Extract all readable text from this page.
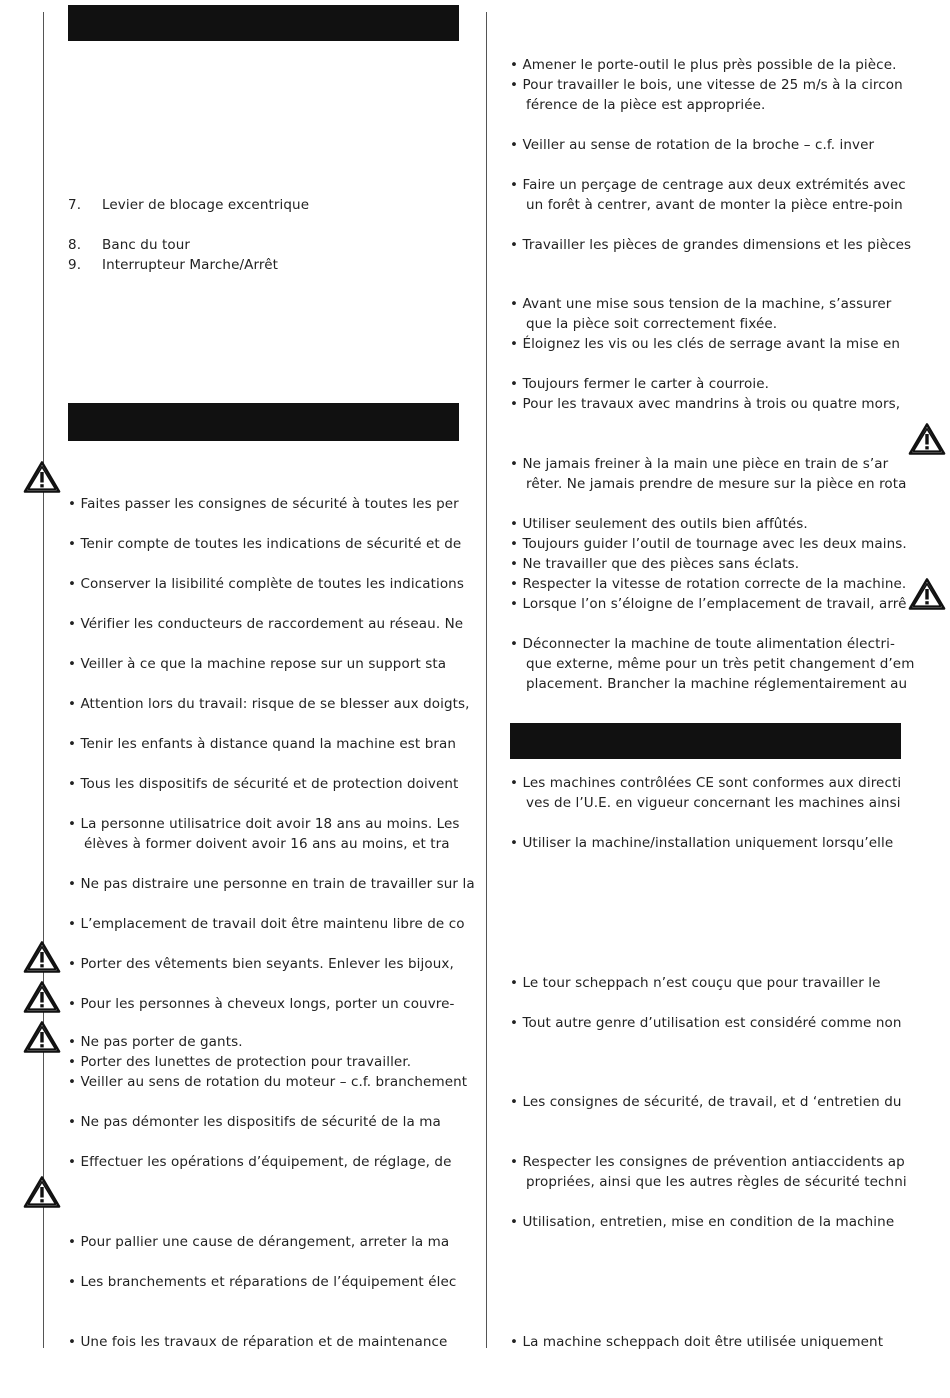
7. Levier de blocage excentrique
8. Banc du tour
9. Interrupteur Marche/Arrêt
• Faites passer les consignes de sécurité à toutes les per
• Tenir compte de toutes les indications de sécurité et de
• Conserver la lisibilité complète de toutes les indications
• Vérifier les conducteurs de raccordement au réseau. Ne
• Veiller à ce que la machine repose sur un support sta
• Attention lors du travail: risque de se blesser aux doigts,
• Tenir les enfants à distance quand la machine est bran
• Tous les dispositifs de sécurité et de protection doivent
• La personne utilisatrice doit avoir 18 ans au moins. Les
élèves à former doivent avoir 16 ans au moins, et tra
• Ne pas distraire une personne en train de travailler sur la
• L’emplacement de travail doit être maintenu libre de co
• Porter des vêtements bien seyants. Enlever les bijoux,
• Pour les personnes à cheveux longs, porter un couvre-
• Ne pas porter de gants.
• Porter des lunettes de protection pour travailler.
• Veiller au sens de rotation du moteur – c.f. branchement
• Ne pas démonter les dispositifs de sécurité de la ma
• Effectuer les opérations d’équipement, de réglage, de
• Pour pallier une cause de dérangement, arreter la ma
• Les branchements et réparations de l’équipement élec
• Une fois les travaux de réparation et de maintenance
• Amener le porte-outil le plus près possible de la pièce.
• Pour travailler le bois, une vitesse de 25 m/s à la circon
férence de la pièce est appropriée.
• Veiller au sense de rotation de la broche – c.f. inver
• Faire un perçage de centrage aux deux extrémités avec
un forêt à centrer, avant de monter la pièce entre-poin
• Travailler les pièces de grandes dimensions et les pièces
• Avant une mise sous tension de la machine, s’assurer
que la pièce soit correctement fixée.
• Éloignez les vis ou les clés de serrage avant la mise en
• Toujours fermer le carter à courroie.
• Pour les travaux avec mandrins à trois ou quatre mors,
• Ne jamais freiner à la main une pièce en train de s’ar
rêter. Ne jamais prendre de mesure sur la pièce en rota
• Utiliser seulement des outils bien affûtés.
• Toujours guider l’outil de tournage avec les deux mains.
• Ne travailler que des pièces sans éclats.
• Respecter la vitesse de rotation correcte de la machine.
• Lorsque l’on s’éloigne de l’emplacement de travail, arrê
• Déconnecter la machine de toute alimentation électri-
que externe, même pour un très petit changement d’em
placement. Brancher la machine réglementairement au
• Les machines contrôlées CE sont conformes aux directi
ves de l’U.E. en vigueur concernant les machines ainsi
• Utiliser la machine/installation uniquement lorsqu’elle
• Le tour scheppach n’est couçu que pour travailler le
• Tout autre genre d’utilisation est considéré comme non
• Les consignes de sécurité, de travail, et d ‘entretien du
• Respecter les consignes de prévention antiaccidents ap
propriées, ainsi que les autres règles de sécurité techni
• Utilisation, entretien, mise en condition de la machine
• La machine scheppach doit être utilisée uniquement
